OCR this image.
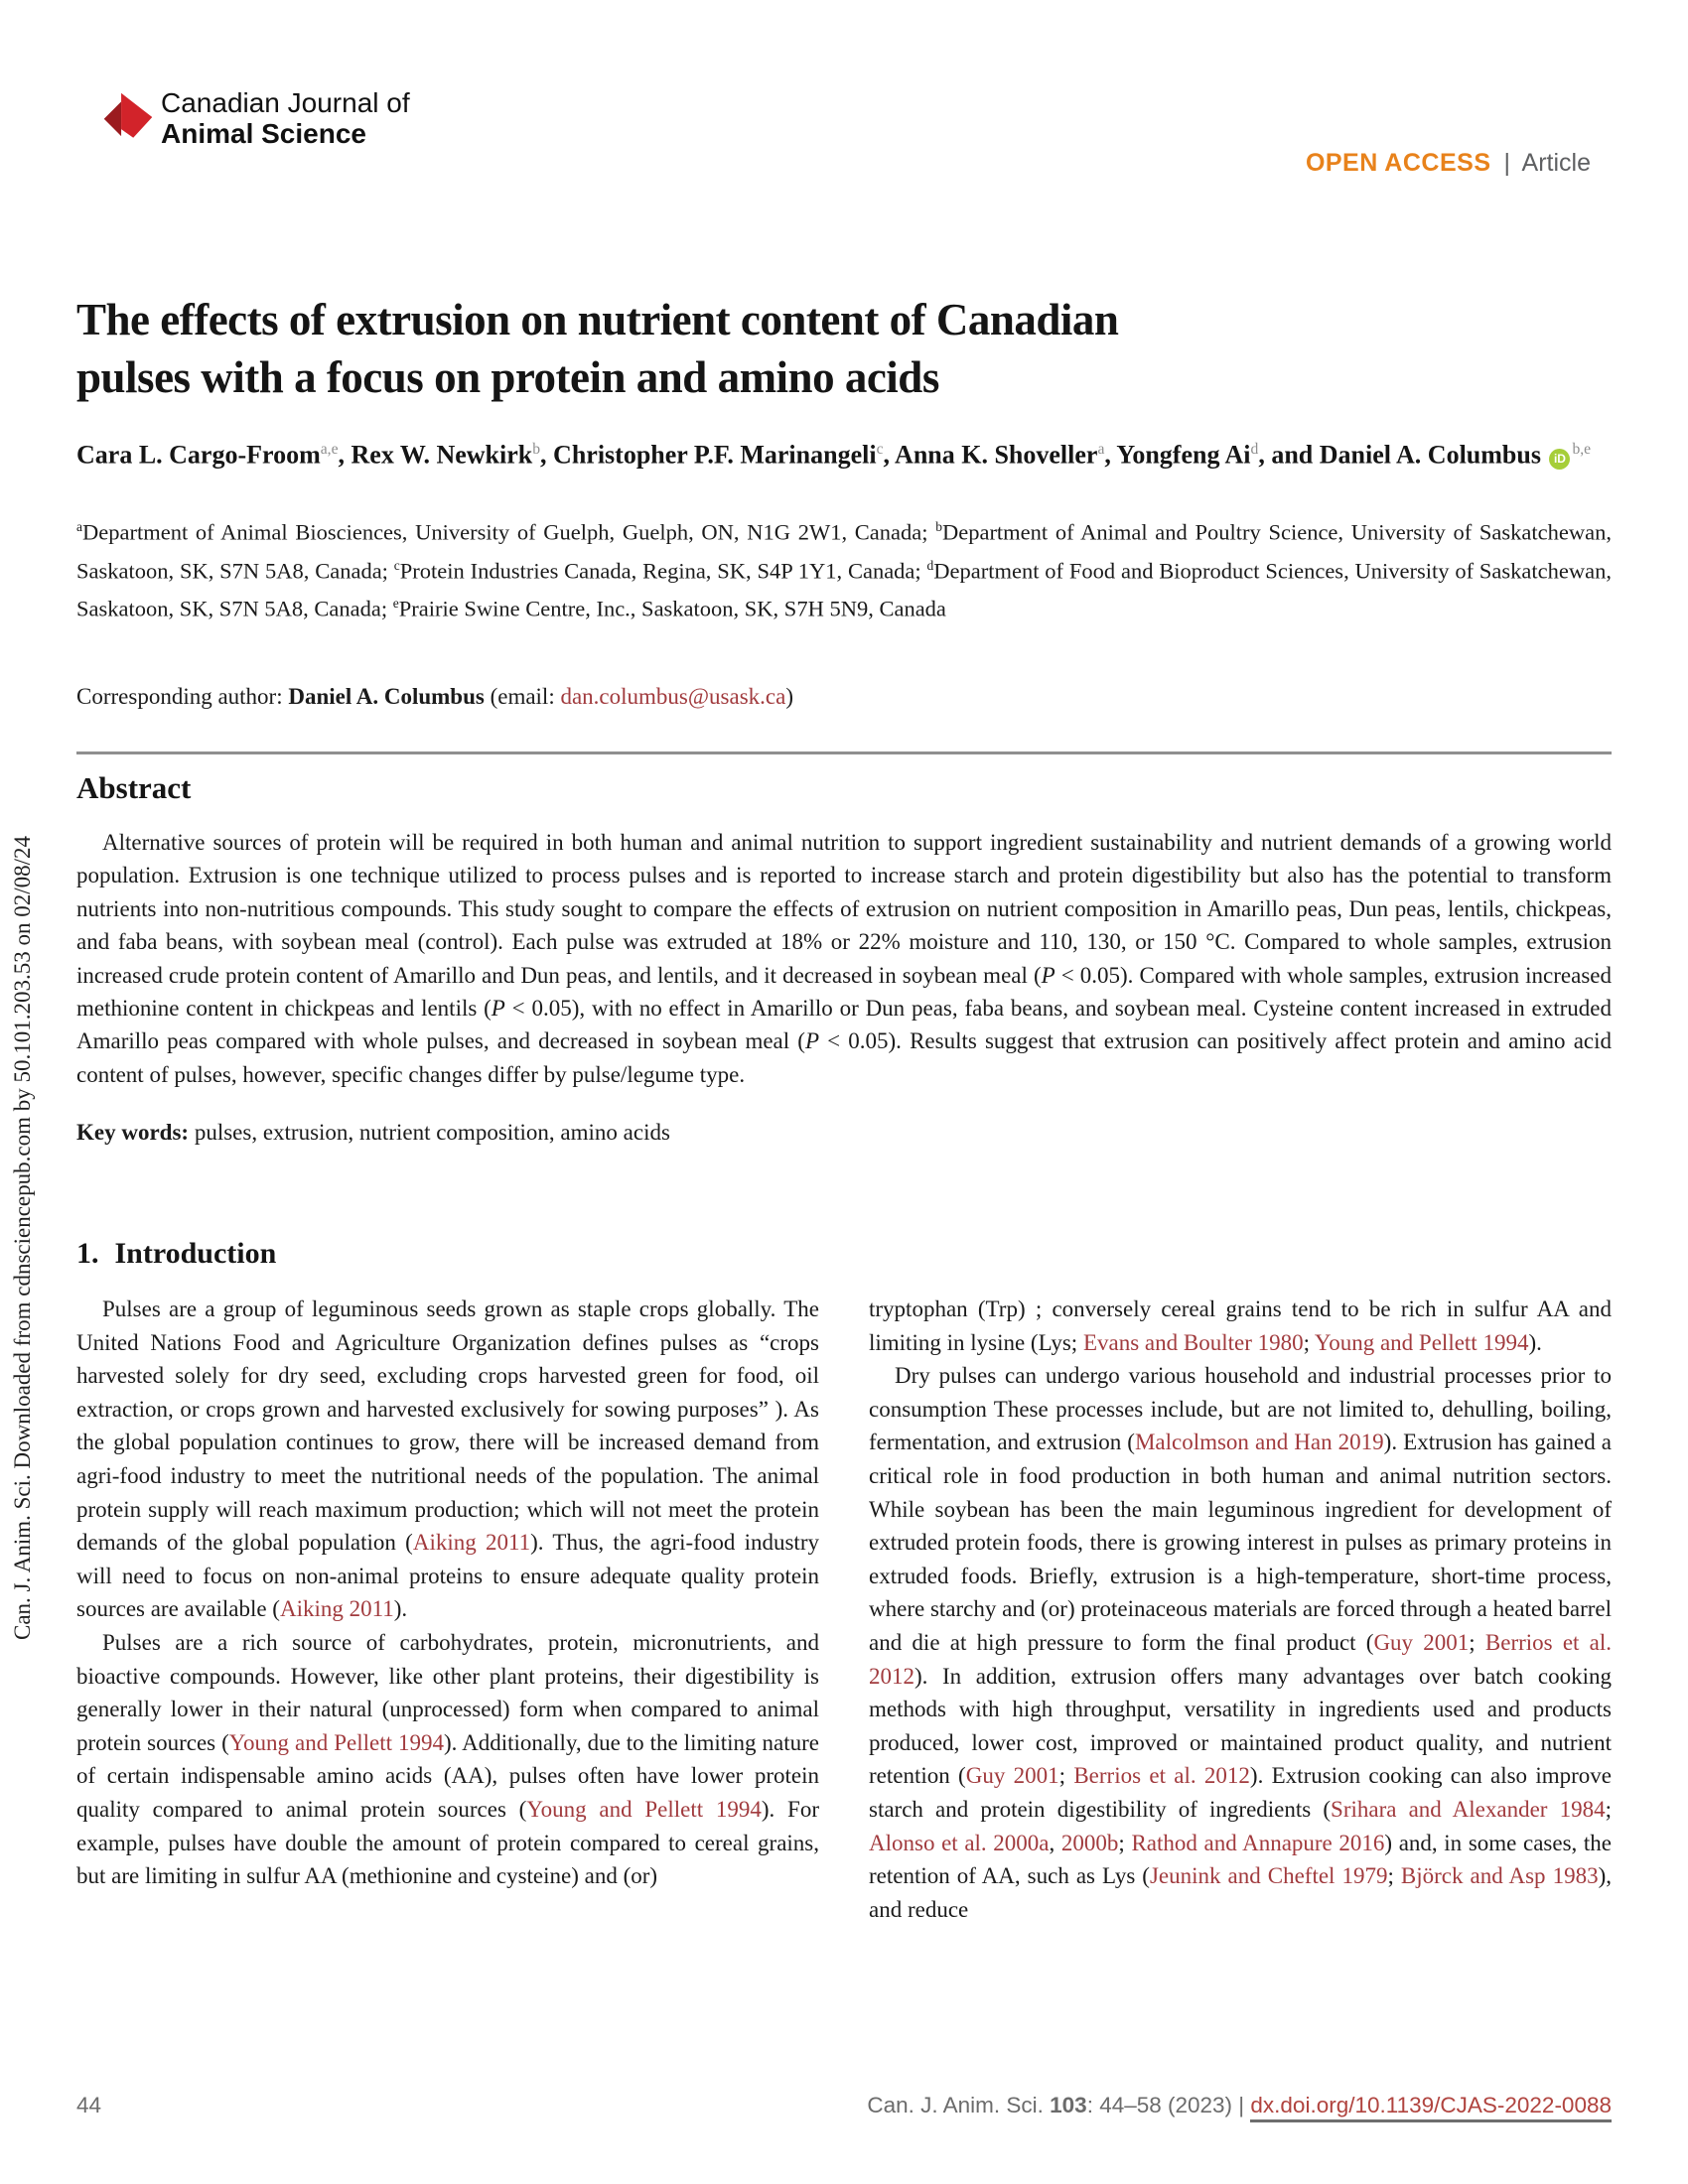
Can. J. Anim. Sci. Downloaded from cdnsciencepub.com by 50.101.203.53 on 02/08/24
Canadian Journal of
Animal Science
OPEN ACCESS | Article
The effects of extrusion on nutrient content of Canadian
pulses with a focus on protein and amino acids
Cara L. Cargo-Froom$^{a,e}$, Rex W. Newkirk$^b$, Christopher P.F. Marinangeli$^c$, Anna K. Shoveller$^a$, Yongfeng Ai$^d$, and Daniel A. Columbus iD$^{b,e}$
$^a$Department of Animal Biosciences, University of Guelph, Guelph, ON, N1G 2W1, Canada; $^b$Department of Animal and Poultry Science, University of Saskatchewan, Saskatoon, SK, S7N 5A8, Canada; $^c$Protein Industries Canada, Regina, SK, S4P 1Y1, Canada; $^d$Department of Food and Bioproduct Sciences, University of Saskatchewan, Saskatoon, SK, S7N 5A8, Canada; $^e$Prairie Swine Centre, Inc., Saskatoon, SK, S7H 5N9, Canada
Corresponding author: Daniel A. Columbus (email: dan.columbus@usask.ca)
Abstract

Alternative sources of protein will be required in both human and animal nutrition to support ingredient sustainability and nutrient demands of a growing world population. Extrusion is one technique utilized to process pulses and is reported to increase starch and protein digestibility but also has the potential to transform nutrients into non-nutritious compounds. This study sought to compare the effects of extrusion on nutrient composition in Amarillo peas, Dun peas, lentils, chickpeas, and faba beans, with soybean meal (control). Each pulse was extruded at 18% or 22% moisture and 110, 130, or 150 °C. Compared to whole samples, extrusion increased crude protein content of Amarillo and Dun peas, and lentils, and it decreased in soybean meal (P < 0.05). Compared with whole samples, extrusion increased methionine content in chickpeas and lentils (P < 0.05), with no effect in Amarillo or Dun peas, faba beans, and soybean meal. Cysteine content increased in extruded Amarillo peas compared with whole pulses, and decreased in soybean meal (P < 0.05). Results suggest that extrusion can positively affect protein and amino acid content of pulses, however, specific changes differ by pulse/legume type.

Key words: pulses, extrusion, nutrient composition, amino acids

1. Introduction

Pulses are a group of leguminous seeds grown as staple crops globally. The United Nations Food and Agriculture Organization defines pulses as “crops harvested solely for dry seed, excluding crops harvested green for food, oil extraction, or crops grown and harvested exclusively for sowing purposes” ). As the global population continues to grow, there will be increased demand from agri-food industry to meet the nutritional needs of the population. The animal protein supply will reach maximum production; which will not meet the protein demands of the global population (Aiking 2011). Thus, the agri-food industry will need to focus on non-animal proteins to ensure adequate quality protein sources are available (Aiking 2011).

Pulses are a rich source of carbohydrates, protein, micronutrients, and bioactive compounds. However, like other plant proteins, their digestibility is generally lower in their natural (unprocessed) form when compared to animal protein sources (Young and Pellett 1994). Additionally, due to the limiting nature of certain indispensable amino acids (AA), pulses often have lower protein quality compared to animal protein sources (Young and Pellett 1994). For example, pulses have double the amount of protein compared to cereal grains, but are limiting in sulfur AA (methionine and cysteine) and (or)

tryptophan (Trp) ; conversely cereal grains tend to be rich in sulfur AA and limiting in lysine (Lys; Evans and Boulter 1980; Young and Pellett 1994).

Dry pulses can undergo various household and industrial processes prior to consumption These processes include, but are not limited to, dehulling, boiling, fermentation, and extrusion (Malcolmson and Han 2019). Extrusion has gained a critical role in food production in both human and animal nutrition sectors. While soybean has been the main leguminous ingredient for development of extruded protein foods, there is growing interest in pulses as primary proteins in extruded foods. Briefly, extrusion is a high-temperature, short-time process, where starchy and (or) proteinaceous materials are forced through a heated barrel and die at high pressure to form the final product (Guy 2001; Berrios et al. 2012). In addition, extrusion offers many advantages over batch cooking methods with high throughput, versatility in ingredients used and products produced, lower cost, improved or maintained product quality, and nutrient retention (Guy 2001; Berrios et al. 2012). Extrusion cooking can also improve starch and protein digestibility of ingredients (Srihara and Alexander 1984; Alonso et al. 2000a, 2000b; Rathod and Annapure 2016) and, in some cases, the retention of AA, such as Lys (Jeunink and Cheftel 1979; Björck and Asp 1983), and reduce

44	Can. J. Anim. Sci. 103: 44–58 (2023) | dx.doi.org/10.1139/CJAS-2022-0088
